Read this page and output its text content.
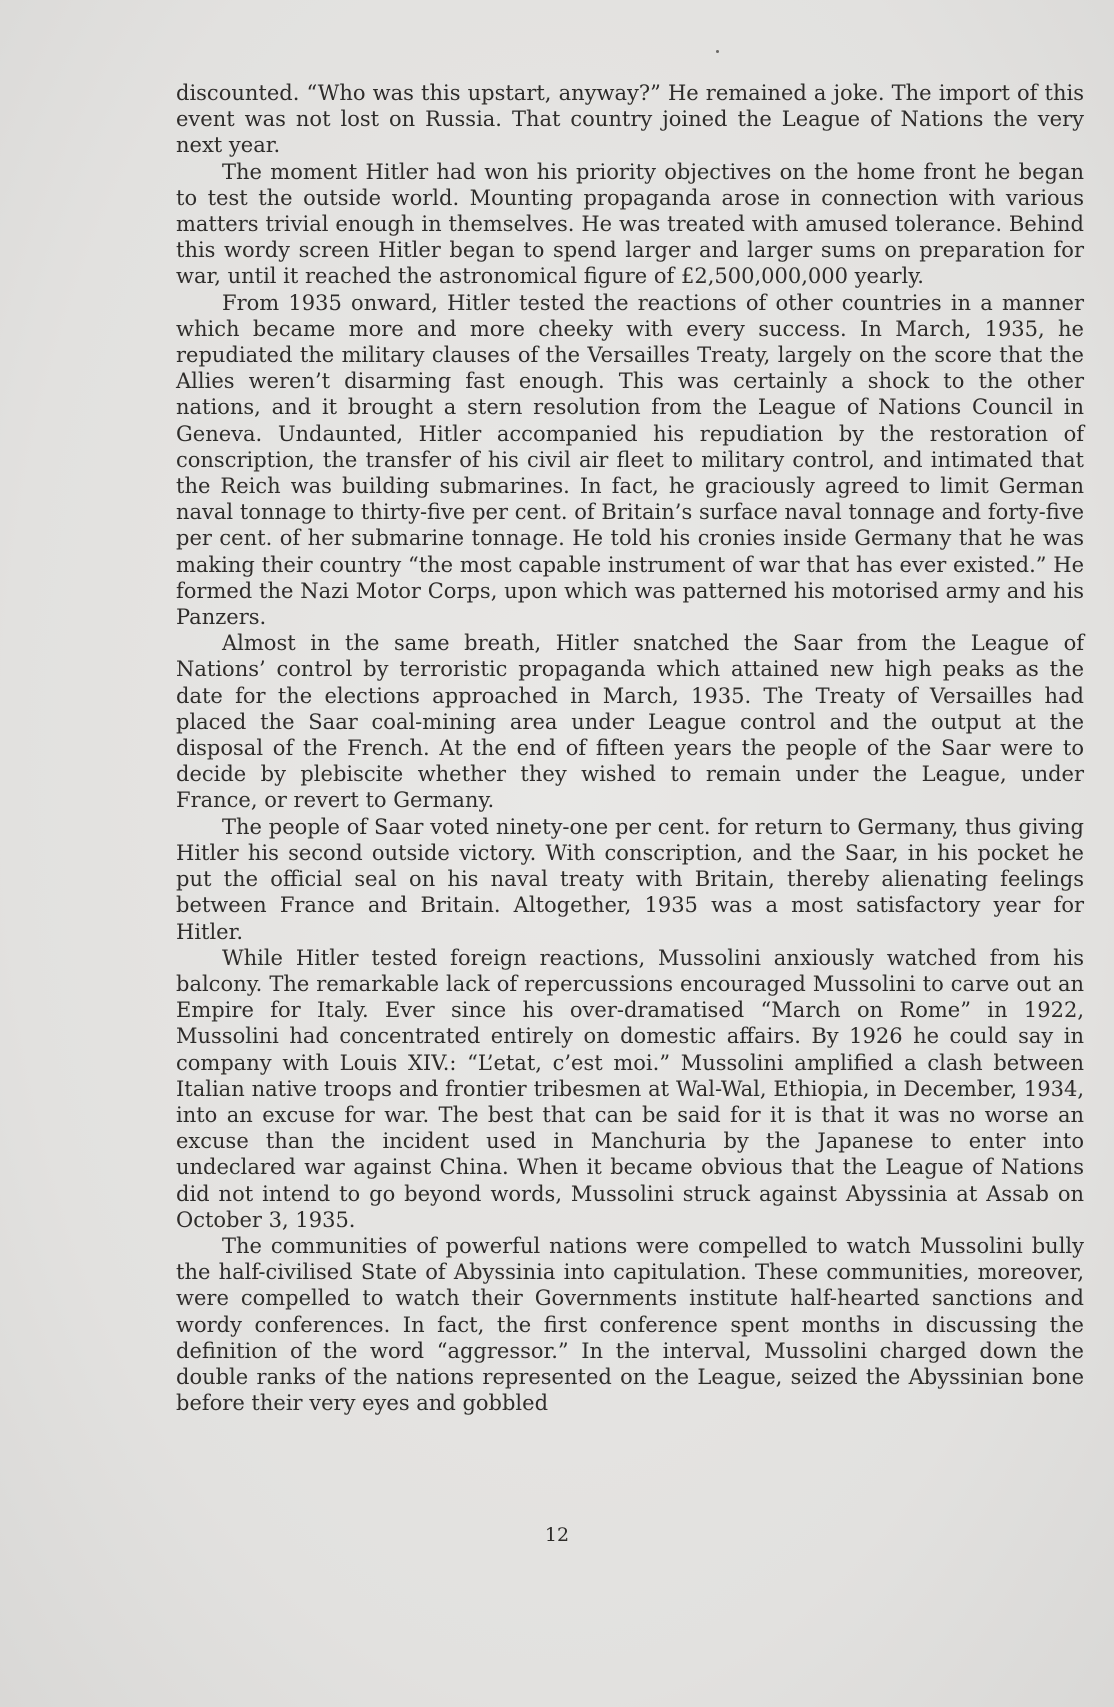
discounted. “Who was this upstart, anyway?” He remained a joke. The import of this event was not lost on Russia. That country joined the League of Nations the very next year.

The moment Hitler had won his priority objectives on the home front he began to test the outside world. Mounting propaganda arose in connection with various matters trivial enough in themselves. He was treated with amused tolerance. Behind this wordy screen Hitler began to spend larger and larger sums on preparation for war, until it reached the astronomical figure of £2,500,000,000 yearly.

From 1935 onward, Hitler tested the reactions of other countries in a manner which became more and more cheeky with every success. In March, 1935, he repudiated the military clauses of the Versailles Treaty, largely on the score that the Allies weren’t disarming fast enough. This was certainly a shock to the other nations, and it brought a stern resolution from the League of Nations Council in Geneva. Undaunted, Hitler accompanied his repudiation by the restoration of conscription, the transfer of his civil air fleet to military control, and intimated that the Reich was building submarines. In fact, he graciously agreed to limit German naval tonnage to thirty-five per cent. of Britain’s surface naval tonnage and forty-five per cent. of her submarine tonnage. He told his cronies inside Germany that he was making their country “the most capable instrument of war that has ever existed.” He formed the Nazi Motor Corps, upon which was patterned his motorised army and his Panzers.

Almost in the same breath, Hitler snatched the Saar from the League of Nations’ control by terroristic propaganda which attained new high peaks as the date for the elections approached in March, 1935. The Treaty of Versailles had placed the Saar coal-mining area under League control and the output at the disposal of the French. At the end of fifteen years the people of the Saar were to decide by plebiscite whether they wished to remain under the League, under France, or revert to Germany.

The people of Saar voted ninety-one per cent. for return to Germany, thus giving Hitler his second outside victory. With conscription, and the Saar, in his pocket he put the official seal on his naval treaty with Britain, thereby alienating feelings between France and Britain. Altogether, 1935 was a most satisfactory year for Hitler.

While Hitler tested foreign reactions, Mussolini anxiously watched from his balcony. The remarkable lack of repercussions encouraged Mussolini to carve out an Empire for Italy. Ever since his over-dramatised “March on Rome” in 1922, Mussolini had concentrated entirely on domestic affairs. By 1926 he could say in company with Louis XIV.: “L’etat, c’est moi.” Mussolini amplified a clash between Italian native troops and frontier tribesmen at Wal-Wal, Ethiopia, in December, 1934, into an excuse for war. The best that can be said for it is that it was no worse an excuse than the incident used in Manchuria by the Japanese to enter into undeclared war against China. When it became obvious that the League of Nations did not intend to go beyond words, Mussolini struck against Abyssinia at Assab on October 3, 1935.

The communities of powerful nations were compelled to watch Mussolini bully the half-civilised State of Abyssinia into capitulation. These communities, moreover, were compelled to watch their Governments institute half-hearted sanctions and wordy conferences. In fact, the first conference spent months in discussing the definition of the word “aggressor.” In the interval, Mussolini charged down the double ranks of the nations represented on the League, seized the Abyssinian bone before their very eyes and gobbled

12
